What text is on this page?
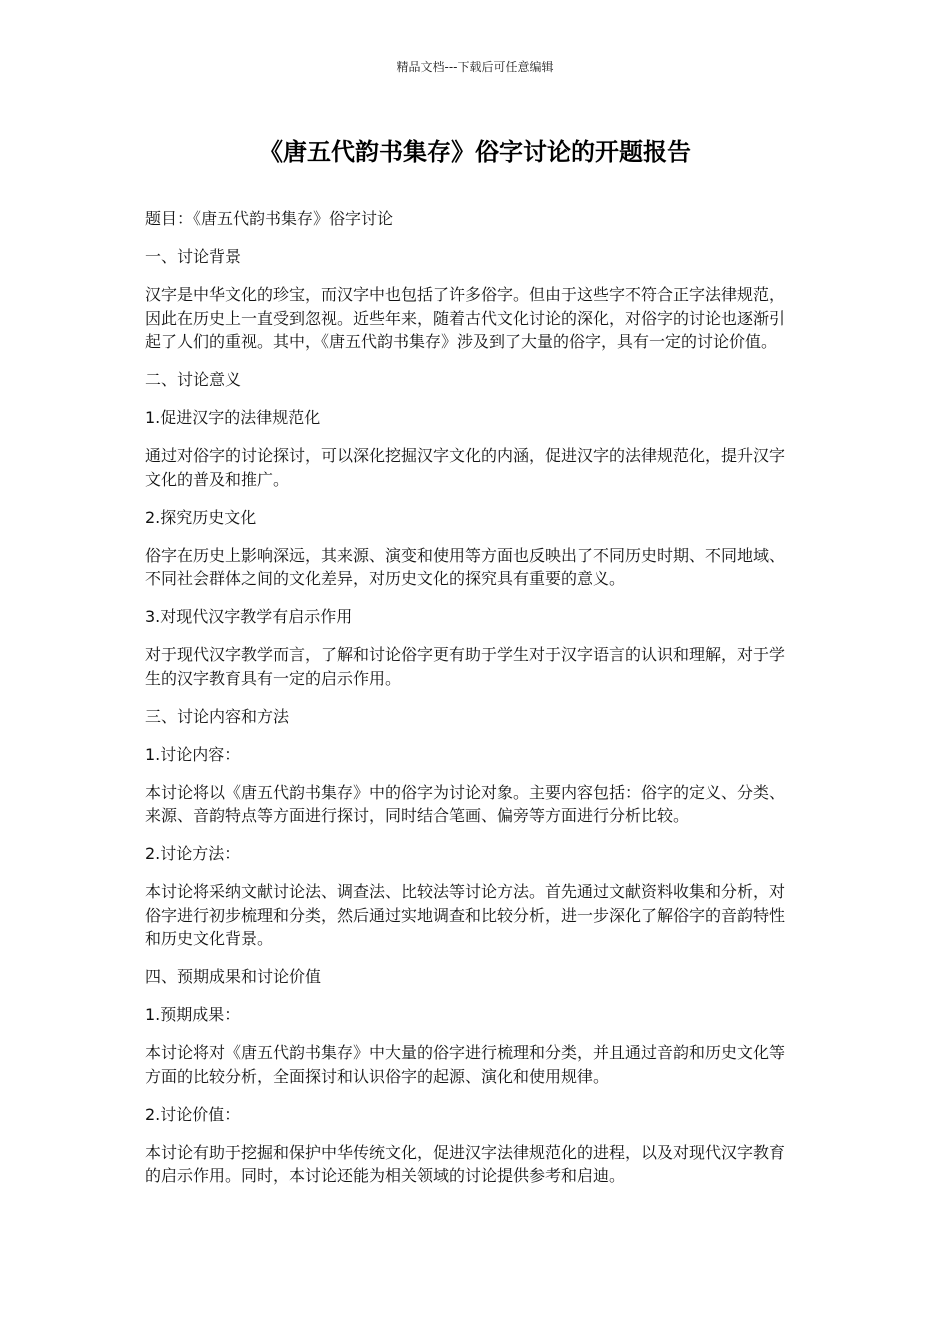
精品文档---下载后可任意编辑
《唐五代韵书集存》俗字讨论的开题报告

题目：《唐五代韵书集存》俗字讨论

一、讨论背景

汉字是中华文化的珍宝，而汉字中也包括了许多俗字。但由于这些字不符合正字法律规范，因此在历史上一直受到忽视。近些年来，随着古代文化讨论的深化，对俗字的讨论也逐渐引起了人们的重视。其中，《唐五代韵书集存》涉及到了大量的俗字，具有一定的讨论价值。

二、讨论意义

1.促进汉字的法律规范化

通过对俗字的讨论探讨，可以深化挖掘汉字文化的内涵，促进汉字的法律规范化，提升汉字文化的普及和推广。

2.探究历史文化

俗字在历史上影响深远，其来源、演变和使用等方面也反映出了不同历史时期、不同地域、不同社会群体之间的文化差异，对历史文化的探究具有重要的意义。

3.对现代汉字教学有启示作用

对于现代汉字教学而言，了解和讨论俗字更有助于学生对于汉字语言的认识和理解，对于学生的汉字教育具有一定的启示作用。

三、讨论内容和方法

1.讨论内容：

本讨论将以《唐五代韵书集存》中的俗字为讨论对象。主要内容包括：俗字的定义、分类、来源、音韵特点等方面进行探讨，同时结合笔画、偏旁等方面进行分析比较。

2.讨论方法：

本讨论将采纳文献讨论法、调查法、比较法等讨论方法。首先通过文献资料收集和分析，对俗字进行初步梳理和分类，然后通过实地调查和比较分析，进一步深化了解俗字的音韵特性和历史文化背景。

四、预期成果和讨论价值

1.预期成果：

本讨论将对《唐五代韵书集存》中大量的俗字进行梳理和分类，并且通过音韵和历史文化等方面的比较分析，全面探讨和认识俗字的起源、演化和使用规律。

2.讨论价值：

本讨论有助于挖掘和保护中华传统文化，促进汉字法律规范化的进程，以及对现代汉字教育的启示作用。同时，本讨论还能为相关领域的讨论提供参考和启迪。
